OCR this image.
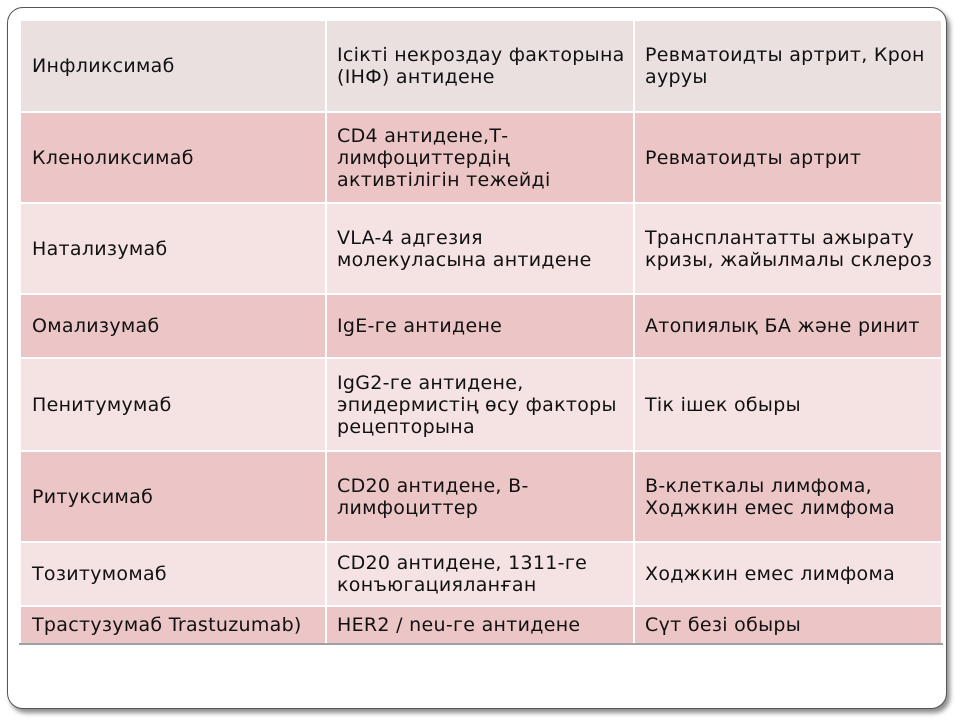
Инфликсимаб	Ісікті некроздау факторына (ІНФ) антидене	Ревматоидты артрит, Крон ауруы
Кленоликсимаб	СD4 антидене,Т-лимфоциттердің активтілігін тежейді	Ревматоидты артрит
Натализумаб	VLA-4 адгезия молекуласына антидене	Трансплантатты ажырату кризы, жайылмалы склероз
Омализумаб	IgE-ге антидене	Атопиялық БА және ринит
Пенитумумаб	IgG2-ге антидене, эпидермистің өсу факторы рецепторына	Тік ішек обыры
Ритуксимаб	CD20 антидене, В-лимфоциттер	В-клеткалы лимфома, Ходжкин емес лимфома
Тозитумомаб	CD20 антидене, 1311-ге конъюгацияланған	Ходжкин емес лимфома
Трастузумаб Trastuzumab)	HER2 / neu-ге антидене	Сүт безі обыры
